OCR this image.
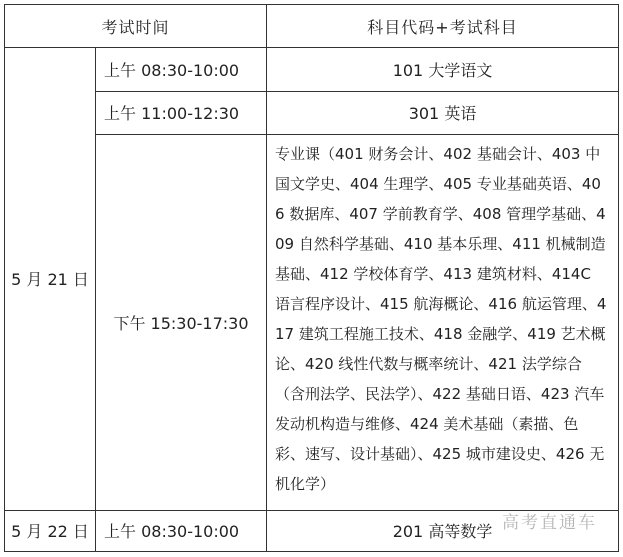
考试时间		科目代码+考试科目
5 月 21 日	上午 08:30-10:00	101 大学语文
	上午 11:00-12:30	301 英语
	下午 15:30-17:30	专业课（401 财务会计、402 基础会计、403 中国文学史、404 生理学、405 专业基础英语、406 数据库、407 学前教育学、408 管理学基础、409 自然科学基础、410 基本乐理、411 机械制造基础、412 学校体育学、413 建筑材料、414C 语言程序设计、415 航海概论、416 航运管理、417 建筑工程施工技术、418 金融学、419 艺术概论、420 线性代数与概率统计、421 法学综合（含刑法学、民法学）、422 基础日语、423 汽车发动机构造与维修、424 美术基础（素描、色彩、速写、设计基础）、425 城市建设史、426 无机化学）
5 月 22 日	上午 08:30-10:00	201 高等数学 高考直通车
